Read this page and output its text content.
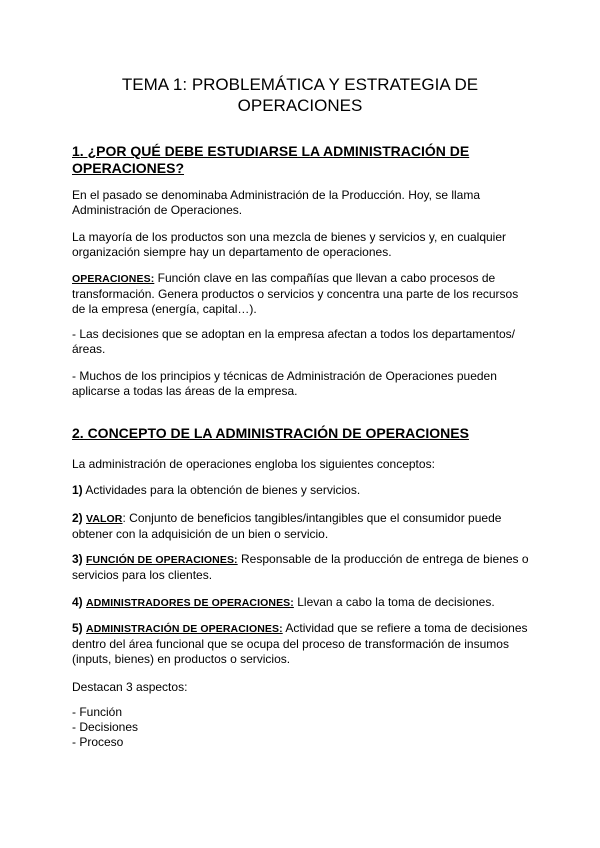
TEMA 1: PROBLEMÁTICA Y ESTRATEGIA DE OPERACIONES
1. ¿POR QUÉ DEBE ESTUDIARSE LA ADMINISTRACIÓN DE OPERACIONES?

En el pasado se denominaba Administración de la Producción. Hoy, se llama Administración de Operaciones.

La mayoría de los productos son una mezcla de bienes y servicios y, en cualquier organización siempre hay un departamento de operaciones.

OPERACIONES: Función clave en las compañías que llevan a cabo procesos de transformación. Genera productos o servicios y concentra una parte de los recursos de la empresa (energía, capital…).

- Las decisiones que se adoptan en la empresa afectan a todos los departamentos/áreas.

- Muchos de los principios y técnicas de Administración de Operaciones pueden aplicarse a todas las áreas de la empresa.

2. CONCEPTO DE LA ADMINISTRACIÓN DE OPERACIONES

La administración de operaciones engloba los siguientes conceptos:

1) Actividades para la obtención de bienes y servicios.

2) VALOR: Conjunto de beneficios tangibles/intangibles que el consumidor puede obtener con la adquisición de un bien o servicio.

3) FUNCIÓN DE OPERACIONES: Responsable de la producción de entrega de bienes o servicios para los clientes.

4) ADMINISTRADORES DE OPERACIONES: Llevan a cabo la toma de decisiones.

5) ADMINISTRACIÓN DE OPERACIONES: Actividad que se refiere a toma de decisiones dentro del área funcional que se ocupa del proceso de transformación de insumos (inputs, bienes) en productos o servicios.

Destacan 3 aspectos:

- Función
- Decisiones
- Proceso
